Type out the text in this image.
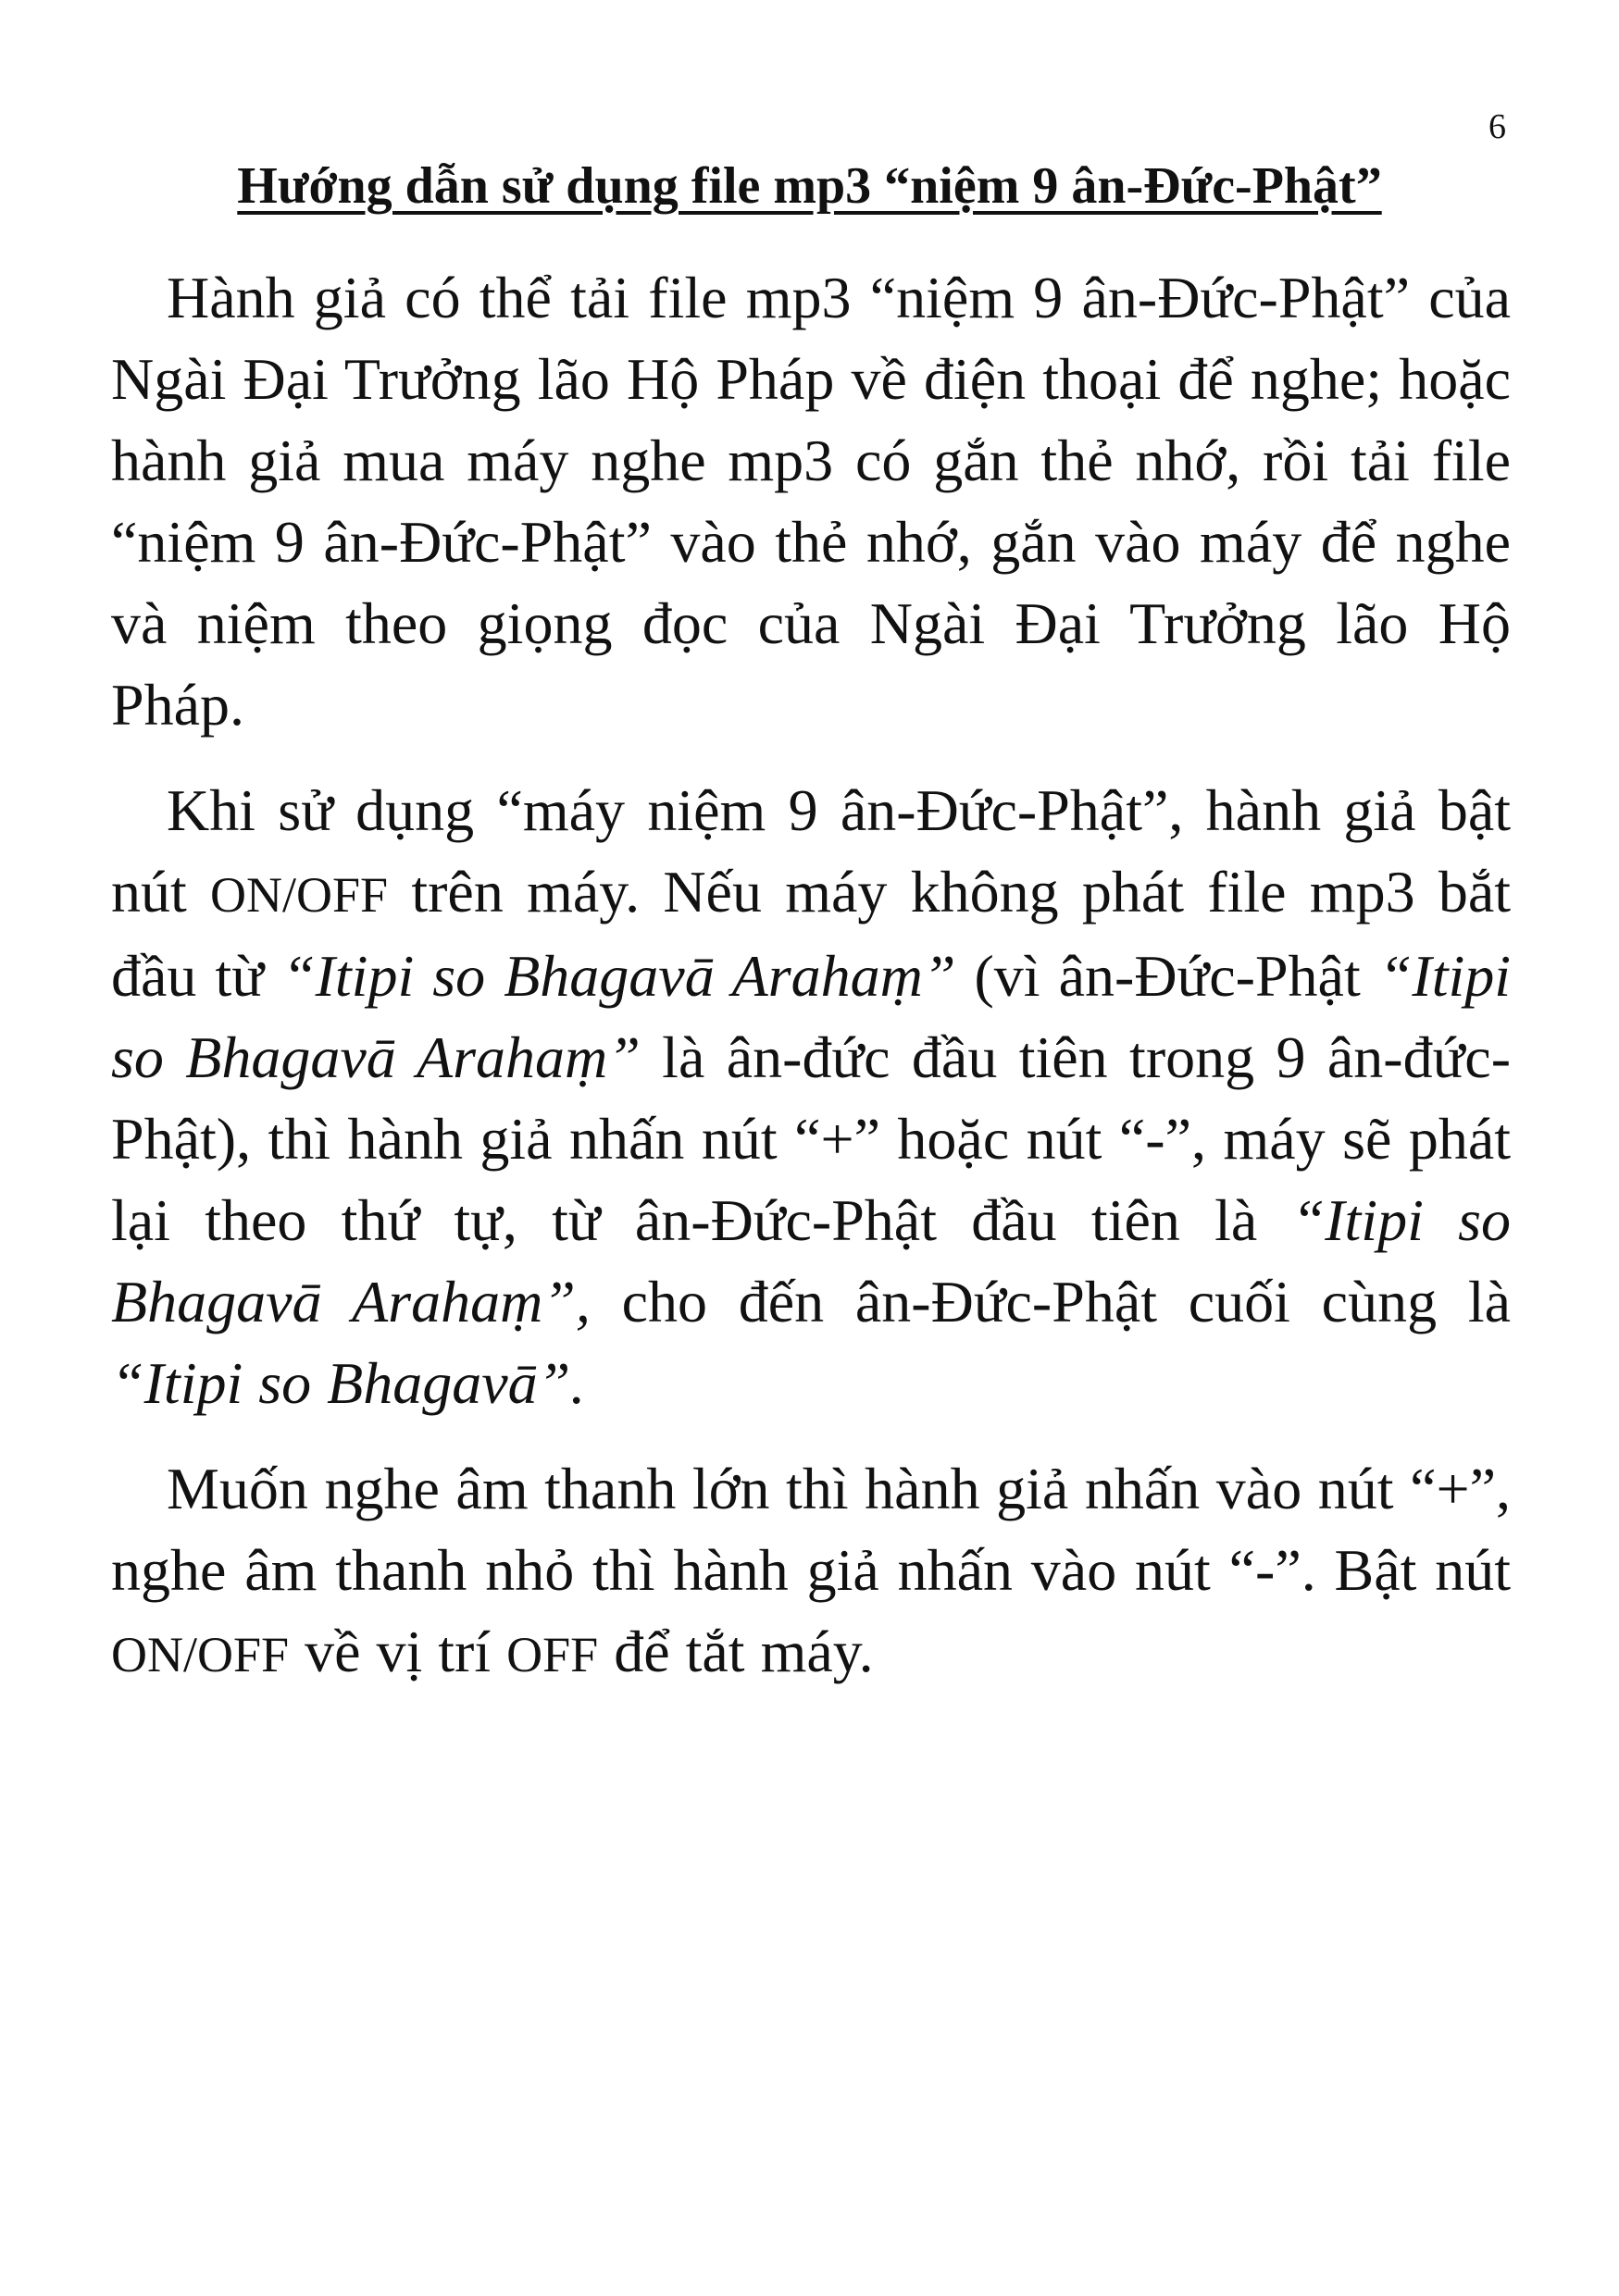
6
Hướng dẫn sử dụng file mp3 “niệm 9 ân-Đức-Phật”

Hành giả có thể tải file mp3 “niệm 9 ân-Đức-Phật” của Ngài Đại Trưởng lão Hộ Pháp về điện thoại để nghe; hoặc hành giả mua máy nghe mp3 có gắn thẻ nhớ, rồi tải file “niệm 9 ân-Đức-Phật” vào thẻ nhớ, gắn vào máy để nghe và niệm theo giọng đọc của Ngài Đại Trưởng lão Hộ Pháp.

Khi sử dụng “máy niệm 9 ân-Đức-Phật”, hành giả bật nút ON/OFF trên máy. Nếu máy không phát file mp3 bắt đầu từ “Itipi so Bhagavā Arahaṃ” (vì ân-Đức-Phật “Itipi so Bhagavā Arahaṃ” là ân-đức đầu tiên trong 9 ân-đức-Phật), thì hành giả nhấn nút “+” hoặc nút “-”, máy sẽ phát lại theo thứ tự, từ ân-Đức-Phật đầu tiên là “Itipi so Bhagavā Arahaṃ”, cho đến ân-Đức-Phật cuối cùng là “Itipi so Bhagavā”.

Muốn nghe âm thanh lớn thì hành giả nhấn vào nút “+”, nghe âm thanh nhỏ thì hành giả nhấn vào nút “-”. Bật nút ON/OFF về vị trí OFF để tắt máy.
